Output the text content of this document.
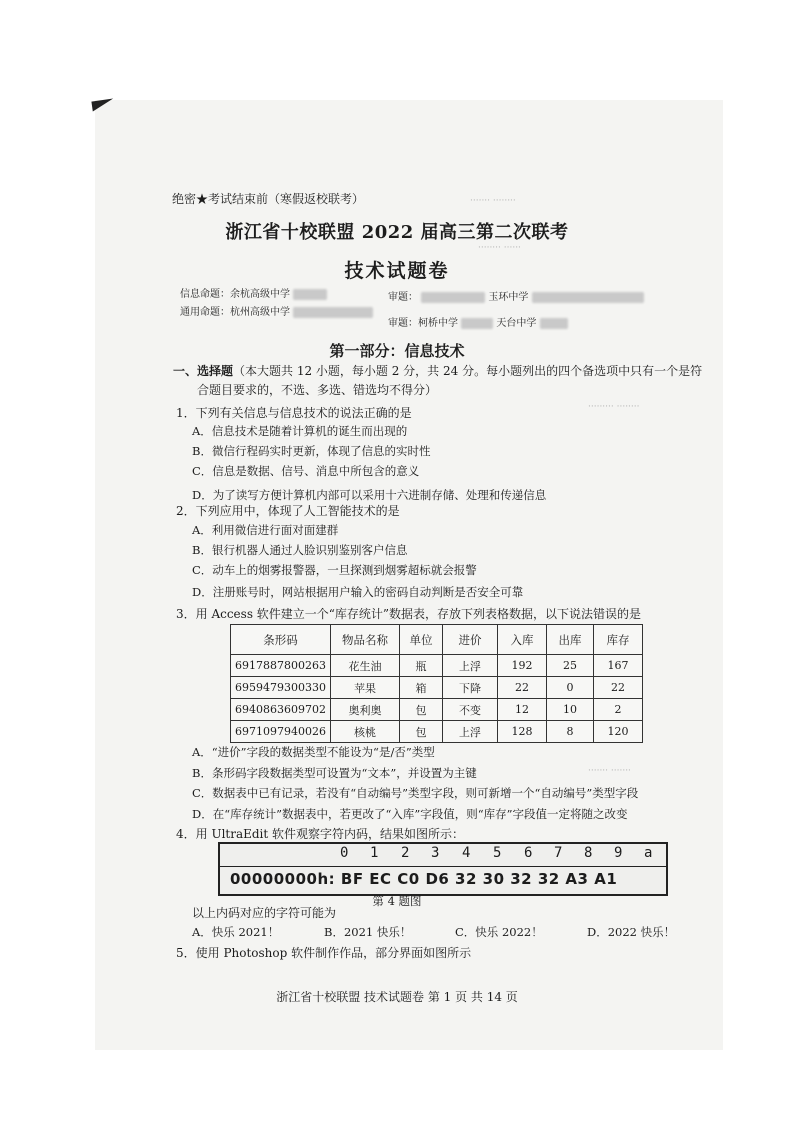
······· ········
········ ······
········· ········
······· ·······
绝密★考试结束前（寒假返校联考）
浙江省十校联盟 2022 届高三第二次联考
技术试题卷
信息命题：余杭高级中学	审题：	玉环中学
通用命题：杭州高级中学
审题：柯桥中学	天台中学
第一部分：信息技术
一、选择题（本大题共 12 小题，每小题 2 分，共 24 分。每小题列出的四个备选项中只有一个是符
合题目要求的，不选、多选、错选均不得分）
1．下列有关信息与信息技术的说法正确的是
A．信息技术是随着计算机的诞生而出现的
B．微信行程码实时更新，体现了信息的实时性
C．信息是数据、信号、消息中所包含的意义
D．为了读写方便计算机内部可以采用十六进制存储、处理和传递信息
2．下列应用中，体现了人工智能技术的是
A．利用微信进行面对面建群
B．银行机器人通过人脸识别鉴别客户信息
C．动车上的烟雾报警器，一旦探测到烟雾超标就会报警
D．注册账号时，网站根据用户输入的密码自动判断是否安全可靠
3．用 Access 软件建立一个“库存统计”数据表，存放下列表格数据，以下说法错误的是
条形码	物品名称	单位	进价	入库	出库	库存
6917887800263	花生油	瓶	上浮	192	25	167
6959479300330	苹果	箱	下降	22	0	22
6940863609702	奥利奥	包	不变	12	10	2
6971097940026	核桃	包	上浮	128	8	120
A．“进价”字段的数据类型不能设为“是/否”类型
B．条形码字段数据类型可设置为“文本”，并设置为主键
C．数据表中已有记录，若没有“自动编号”类型字段，则可新增一个“自动编号”类型字段
D．在“库存统计”数据表中，若更改了“入库”字段值，则“库存”字段值一定将随之改变
4．用 UltraEdit 软件观察字符内码，结果如图所示：
0 1 2 3 4 5 6 7 8 9 a
00000000h: BF EC C0 D6 32 30 32 32 A3 A1
第 4 题图
以上内码对应的字符可能为
A．快乐 2021！	B．2021 快乐！	C．快乐 2022！	D．2022 快乐！
5．使用 Photoshop 软件制作作品，部分界面如图所示
浙江省十校联盟 技术试题卷 第 1 页 共 14 页
